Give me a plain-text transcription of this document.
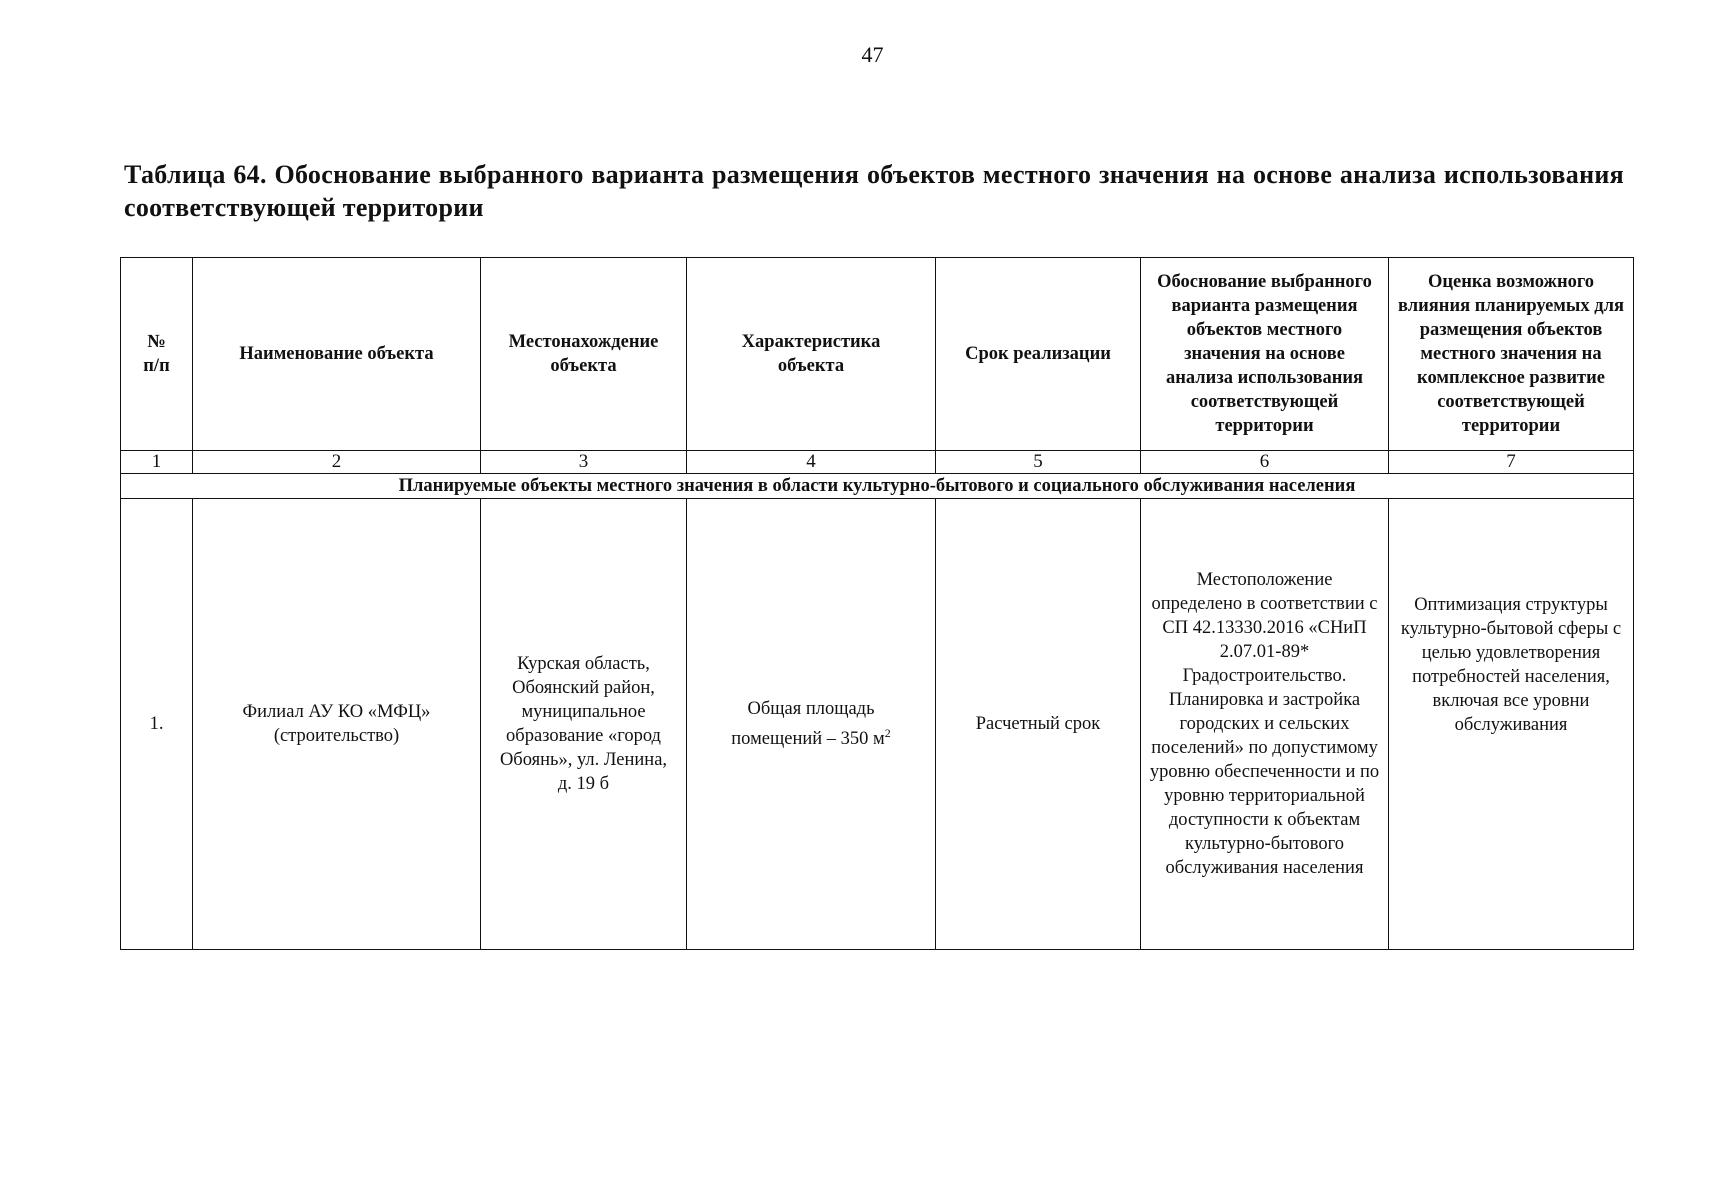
47
Таблица 64. Обоснование выбранного варианта размещения объектов местного значения на основе анализа использования соответствующей территории
№ п/п	Наименование объекта	Местонахождение объекта	Характеристика объекта	Срок реализации	Обоснование выбранного варианта размещения объектов местного значения на основе анализа использования соответствующей территории	Оценка возможного влияния планируемых для размещения объектов местного значения на комплексное развитие соответствующей территории
1	2	3	4	5	6	7
Планируемые объекты местного значения в области культурно-бытового и социального обслуживания населения						
1.	Филиал АУ КО «МФЦ» (строительство)	Курская область, Обоянский район, муниципальное образование «город Обоянь», ул. Ленина, д. 19 б	Общая площадь помещений – 350 $м^2$	Расчетный срок	Местоположение определено в соответствии с СП 42.13330.2016 «СНиП 2.07.01-89* Градостроительство. Планировка и застройка городских и сельских поселений» по допустимому уровню обеспеченности и по уровню территориальной доступности к объектам культурно-бытового обслуживания населения	Оптимизация структуры культурно-бытовой сферы с целью удовлетворения потребностей населения, включая все уровни обслуживания
